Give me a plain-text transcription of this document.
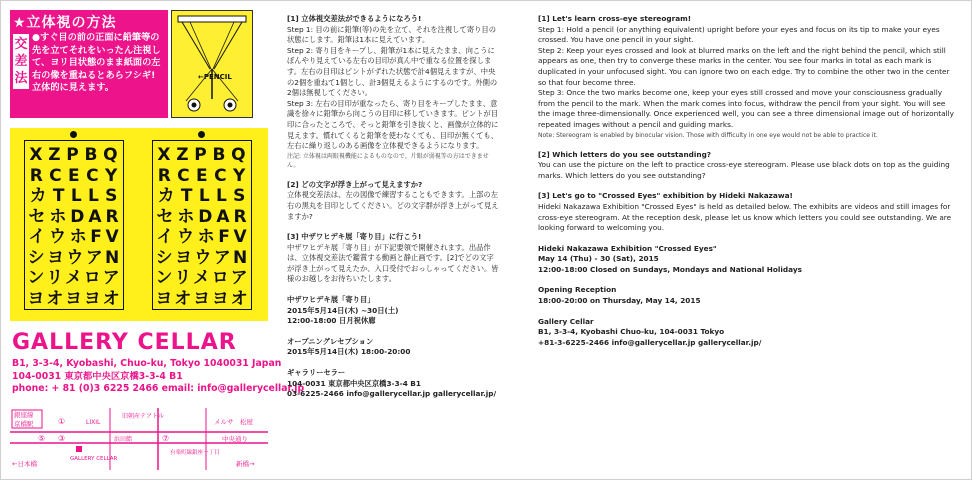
★立体視の方法
交
差
法
●すぐ目の前の正面に鉛筆等の先を立てそれをいったん注視して、ヨリ目状態のまま紙面の左右の像を重ねるとあらフシギ! 立体的に見えます。
←PENCIL
X Z P B Q
R C E C Y
カ T L L S
セ ホ D A R
イ ウ ホ F V
シ ヨ ウ ア N
ン リ メ ロ ア
ヨ オ ヨ ヨ オ
X Z P B Q
R C E C Y
カ T L L S
セ ホ D A R
イ ウ ホ F V
シ ヨ ウ ア N
ン リ メ ロ ア
ヨ オ ヨ ヨ オ
GALLERY CELLAR
B1, 3-3-4, Kyobashi, Chuo-ku, Tokyo 1040031 Japan
104-0031 東京都中央区京橋3-3-4 B1
phone: + 81 (0)3 6225 2466 email: info@gallerycellar.jp
銀座線
京橋駅	①	LIXIL
旧朝産テアトル
メルサ 松屋
⑤ ③	浜田鮨	⑦	中央通り
GALLERY CELLAR
有楽町線銀座一丁目
←日本橋	新橋→

[1] 立体視交差法ができるようになろう!

Step 1: 目の前に鉛筆(等)の先を立て、それを注視して寄り目の状態にします。鉛筆は1本に見えています。

Step 2: 寄り目をキープし、鉛筆が1本に見えたまま、向こうにぼんやり見えている左右の目印が真ん中で重なる位置を探します。左右の目印はピントがずれた状態で計4個見えますが、中央の2個を重ねて1個とし、計3個見えるようにするのです。外側の2個は無視してください。

Step 3: 左右の目印が重なったら、寄り目をキープしたまま、意識を徐々に鉛筆から向こうの目印に移していきます。ピントが目印に合ったところで、そっと鉛筆を引き抜くと、画像が立体的に見えます。慣れてくると鉛筆を使わなくても、目印が無くても、左右に繰り返しのある画像を立体視できるようになります。

注記: 立体視は両眼視機能によるものなので、片眼が弱視等の方はできません。

[2] どの文字が浮き上がって見えますか?

立体視交差法は、左の図像で練習することもできます。上部の左右の黒丸を目印としてください。どの文字群が浮き上がって見えますか?

[3] 中ザワヒデキ展「寄り目」に行こう!

中ザワヒデキ展「寄り目」が下記要領で開催されます。出品作は、立体視交差法で鑑賞する動画と静止画です。[2]でどの文字が浮き上がって見えたか、入口受付でおっしゃってください。皆様のお越しをお待ちいたします。

中ザワヒデキ展「寄り目」

2015年5月14日(木) ~30日(土)

12:00-18:00 日月祝休廊

オープニングレセプション

2015年5月14日(木) 18:00-20:00

ギャラリーセラー

104-0031 東京都中央区京橋3-3-4 B1

03-6225-2466 info@gallerycellar.jp gallerycellar.jp/

[1] Let's learn cross-eye stereogram!

Step 1: Hold a pencil (or anything equivalent) upright before your eyes and focus on its tip to make your eyes crossed. You have one pencil in your sight.

Step 2: Keep your eyes crossed and look at blurred marks on the left and the right behind the pencil, which still appears as one, then try to converge these marks in the center. You see four marks in total as each mark is duplicated in your unfocused sight. You can ignore two on each edge. Try to combine the other two in the center so that four become three.

Step 3: Once the two marks become one, keep your eyes still crossed and move your consciousness gradually from the pencil to the mark. When the mark comes into focus, withdraw the pencil from your sight. You will see the image three-dimensionally. Once experienced well, you can see a three dimensional image out of horizontally repeated images without a pencil and guiding marks.

Note: Stereogram is enabled by binocular vision. Those with difficulty in one eye would not be able to practice it.

[2] Which letters do you see outstanding?

You can use the picture on the left to practice cross-eye stereogram. Please use black dots on top as the guiding marks. Which letters do you see outstanding?

[3] Let's go to "Crossed Eyes" exhibition by Hideki Nakazawa!

Hideki Nakazawa Exhibition "Crossed Eyes" is held as detailed below. The exhibits are videos and still images for cross-eye stereogram. At the reception desk, please let us know which letters you could see outstanding. We are looking forward to welcoming you.

Hideki Nakazawa Exhibition "Crossed Eyes"

May 14 (Thu) - 30 (Sat), 2015

12:00-18:00 Closed on Sundays, Mondays and National Holidays

Opening Reception

18:00-20:00 on Thursday, May 14, 2015

Gallery Cellar

B1, 3-3-4, Kyobashi Chuo-ku, 104-0031 Tokyo

+81-3-6225-2466 info@gallerycellar.jp gallerycellar.jp/
